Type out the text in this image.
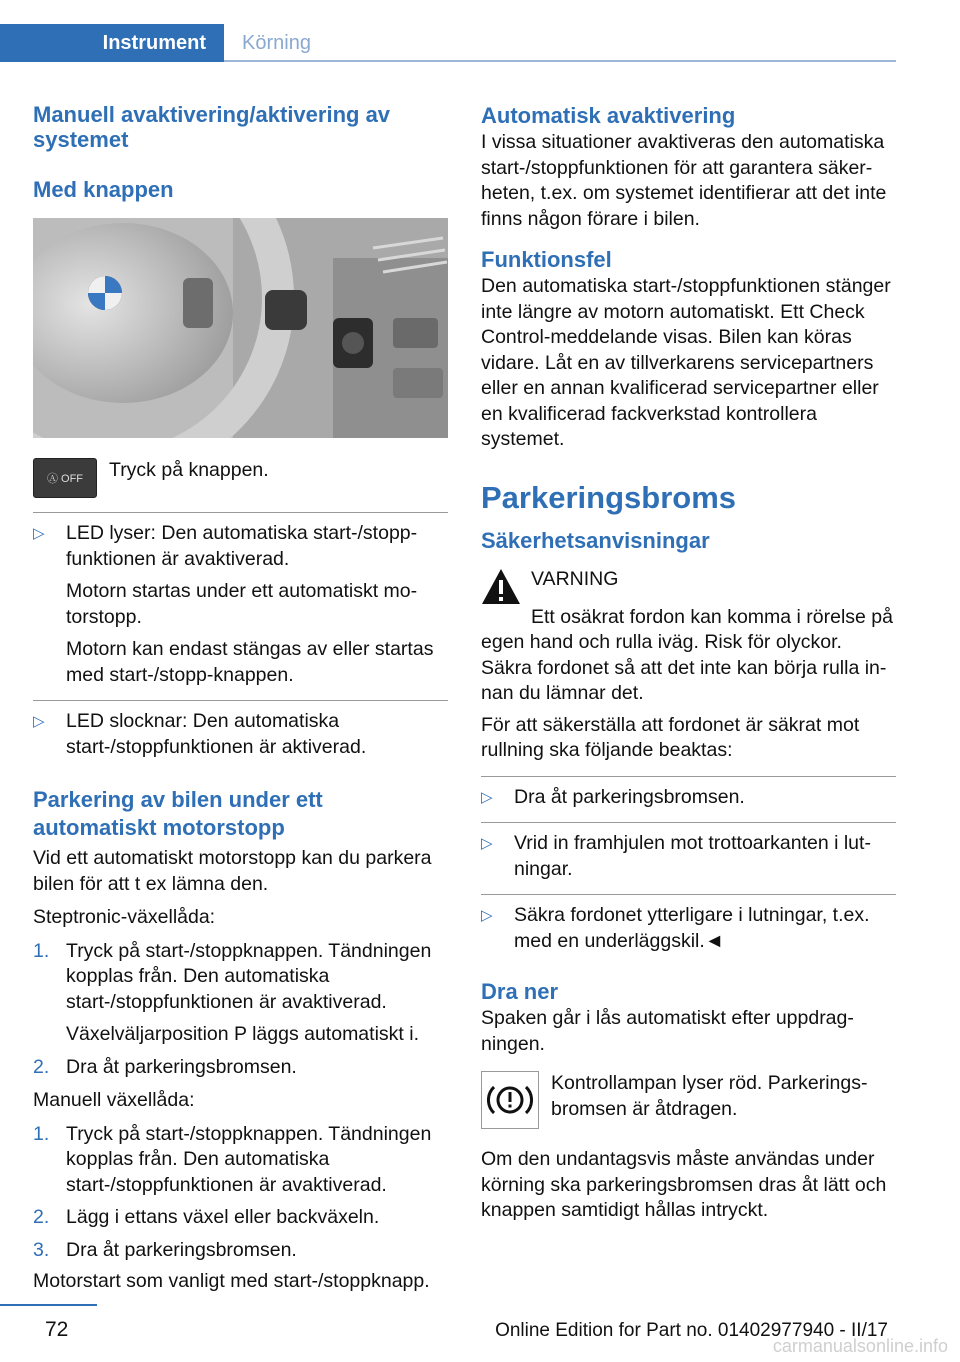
Instrument	Körning
Manuell avaktivering/aktivering av systemet
Med knappen
Ⓐ OFF	Tryck på knappen.

▷	LED lyser: Den automatiska start-/stoppfunktionen är avaktiverad.

Motorn startas under ett automatiskt motorstopp.

Motorn kan endast stängas av eller startas med start-/stopp-knappen.

▷	LED slocknar: Den automatiska start-/stoppfunktionen är aktiverad.

Parkering av bilen under ett automatiskt motorstopp

Vid ett automatiskt motorstopp kan du parkera bilen för att t ex lämna den.

Steptronic-växellåda:

1. Tryck på start-/stoppknappen. Tändningen kopplas från. Den automatiska start-/stoppfunktionen är avaktiverad.

Växelväljarposition P läggs automatiskt i.

2. Dra åt parkeringsbromsen.

Manuell växellåda:

1. Tryck på start-/stoppknappen. Tändningen kopplas från. Den automatiska start-/stoppfunktionen är avaktiverad.

2. Lägg i ettans växel eller backväxeln.

3. Dra åt parkeringsbromsen.

Motorstart som vanligt med start-/stoppknapp.

Automatisk avaktivering

I vissa situationer avaktiveras den automatiska start-/stoppfunktionen för att garantera säkerheten, t.ex. om systemet identifierar att det inte finns någon förare i bilen.

Funktionsfel

Den automatiska start-/stoppfunktionen stänger inte längre av motorn automatiskt. Ett Check Control-meddelande visas. Bilen kan köras vidare. Låt en av tillverkarens servicepartners eller en annan kvalificerad servicepartner eller en kvalificerad fackverkstad kontrollera systemet.

Parkeringsbroms
Säkerhetsanvisningar

VARNING

Ett osäkrat fordon kan komma i rörelse på egen hand och rulla iväg. Risk för olyckor. Säkra fordonet så att det inte kan börja rulla innan du lämnar det.

För att säkerställa att fordonet är säkrat mot rullning ska följande beaktas:

▷	Dra åt parkeringsbromsen.

▷	Vrid in framhjulen mot trottoarkanten i lutningar.

▷	Säkra fordonet ytterligare i lutningar, t.ex. med en underläggskil.◄

Dra ner

Spaken går i lås automatiskt efter uppdragningen.

Kontrollampan lyser röd. Parkeringsbromsen är åtdragen.

Om den undantagsvis måste användas under körning ska parkeringsbromsen dras åt lätt och knappen samtidigt hållas intryckt.

72	Online Edition for Part no. 01402977940 - II/17
carmanualsonline.info
